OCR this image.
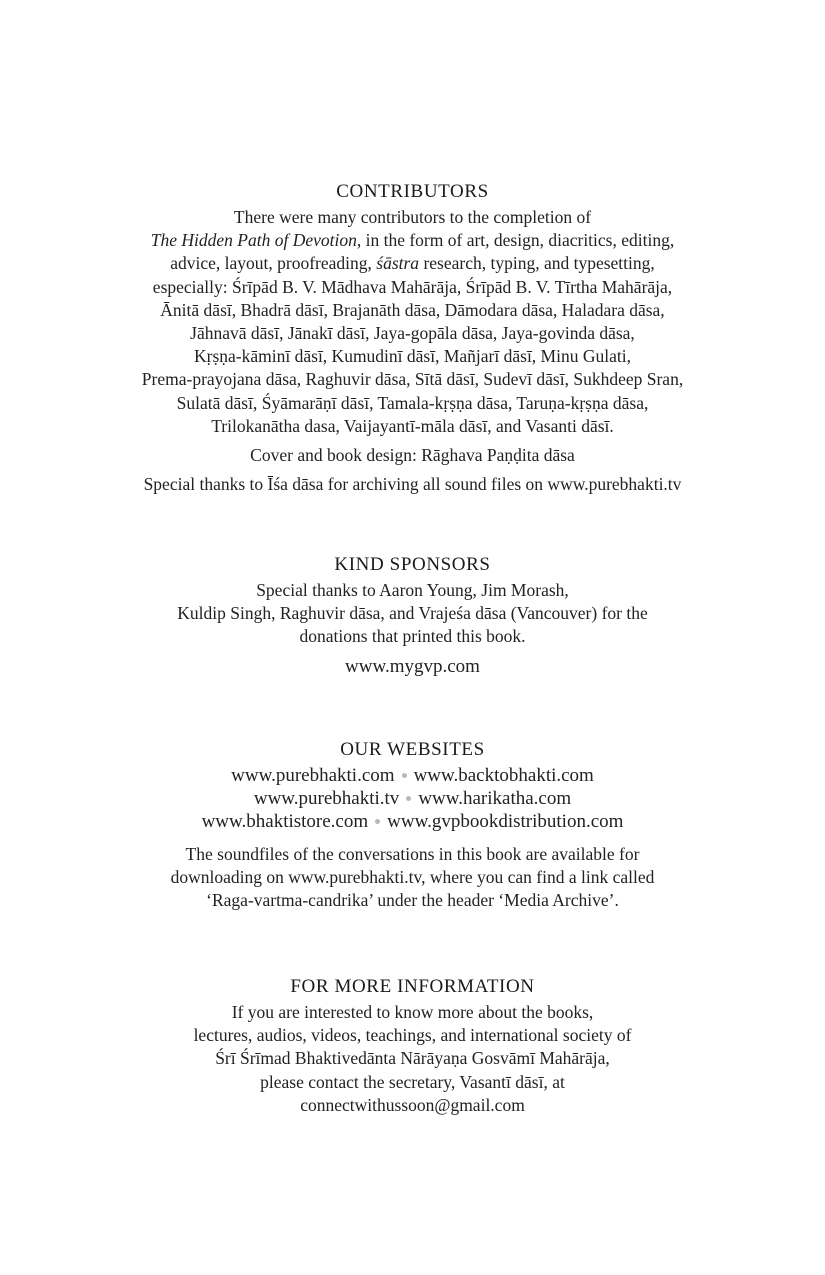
CONTRIBUTORS
There were many contributors to the completion of
The Hidden Path of Devotion, in the form of art, design, diacritics, editing,
advice, layout, proofreading, śāstra research, typing, and typesetting,
especially: Śrīpād B. V. Mādhava Mahārāja, Śrīpād B. V. Tīrtha Mahārāja,
Ānitā dāsī, Bhadrā dāsī, Brajanāth dāsa, Dāmodara dāsa, Haladara dāsa,
Jāhnavā dāsī, Jānakī dāsī, Jaya-gopāla dāsa, Jaya-govinda dāsa,
Kṛṣṇa-kāminī dāsī, Kumudinī dāsī, Mañjarī dāsī, Minu Gulati,
Prema-prayojana dāsa, Raghuvir dāsa, Sītā dāsī, Sudevī dāsī, Sukhdeep Sran,
Sulatā dāsī, Śyāmarāṇī dāsī, Tamala-kṛṣṇa dāsa, Taruṇa-kṛṣṇa dāsa,
Trilokanātha dasa, Vaijayantī-māla dāsī, and Vasanti dāsī.
Cover and book design: Rāghava Paṇḍita dāsa
Special thanks to Īśa dāsa for archiving all sound files on www.purebhakti.tv
KIND SPONSORS
Special thanks to Aaron Young, Jim Morash,
Kuldip Singh, Raghuvir dāsa, and Vrajeśa dāsa (Vancouver) for the
donations that printed this book.
www.mygvp.com
OUR WEBSITES
www.purebhakti.com www.backtobhakti.com
www.purebhakti.tv www.harikatha.com
www.bhaktistore.com www.gvpbookdistribution.com
The soundfiles of the conversations in this book are available for
downloading on www.purebhakti.tv, where you can find a link called
‘Raga-vartma-candrika’ under the header ‘Media Archive’.
FOR MORE INFORMATION
If you are interested to know more about the books,
lectures, audios, videos, teachings, and international society of
Śrī Śrīmad Bhaktivedānta Nārāyaṇa Gosvāmī Mahārāja,
please contact the secretary, Vasantī dāsī, at
connectwithussoon@gmail.com
